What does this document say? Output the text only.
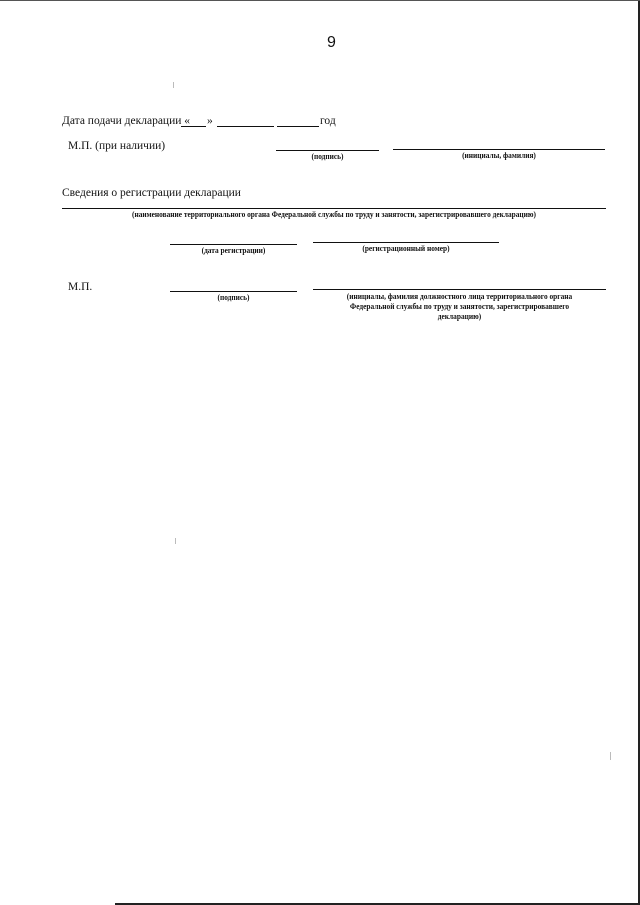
9
Дата подачи декларации « »	год
М.П. (при наличии)
(подпись)	(инициалы, фамилия)
Сведения о регистрации декларации
(наименование территориального органа Федеральной службы по труду и занятости, зарегистрировавшего декларацию)
(дата регистрации)	(регистрационный номер)
М.П.
(подпись)	(инициалы, фамилия должностного лица территориального органа
Федеральной службы по труду и занятости, зарегистрировавшего
декларацию)
